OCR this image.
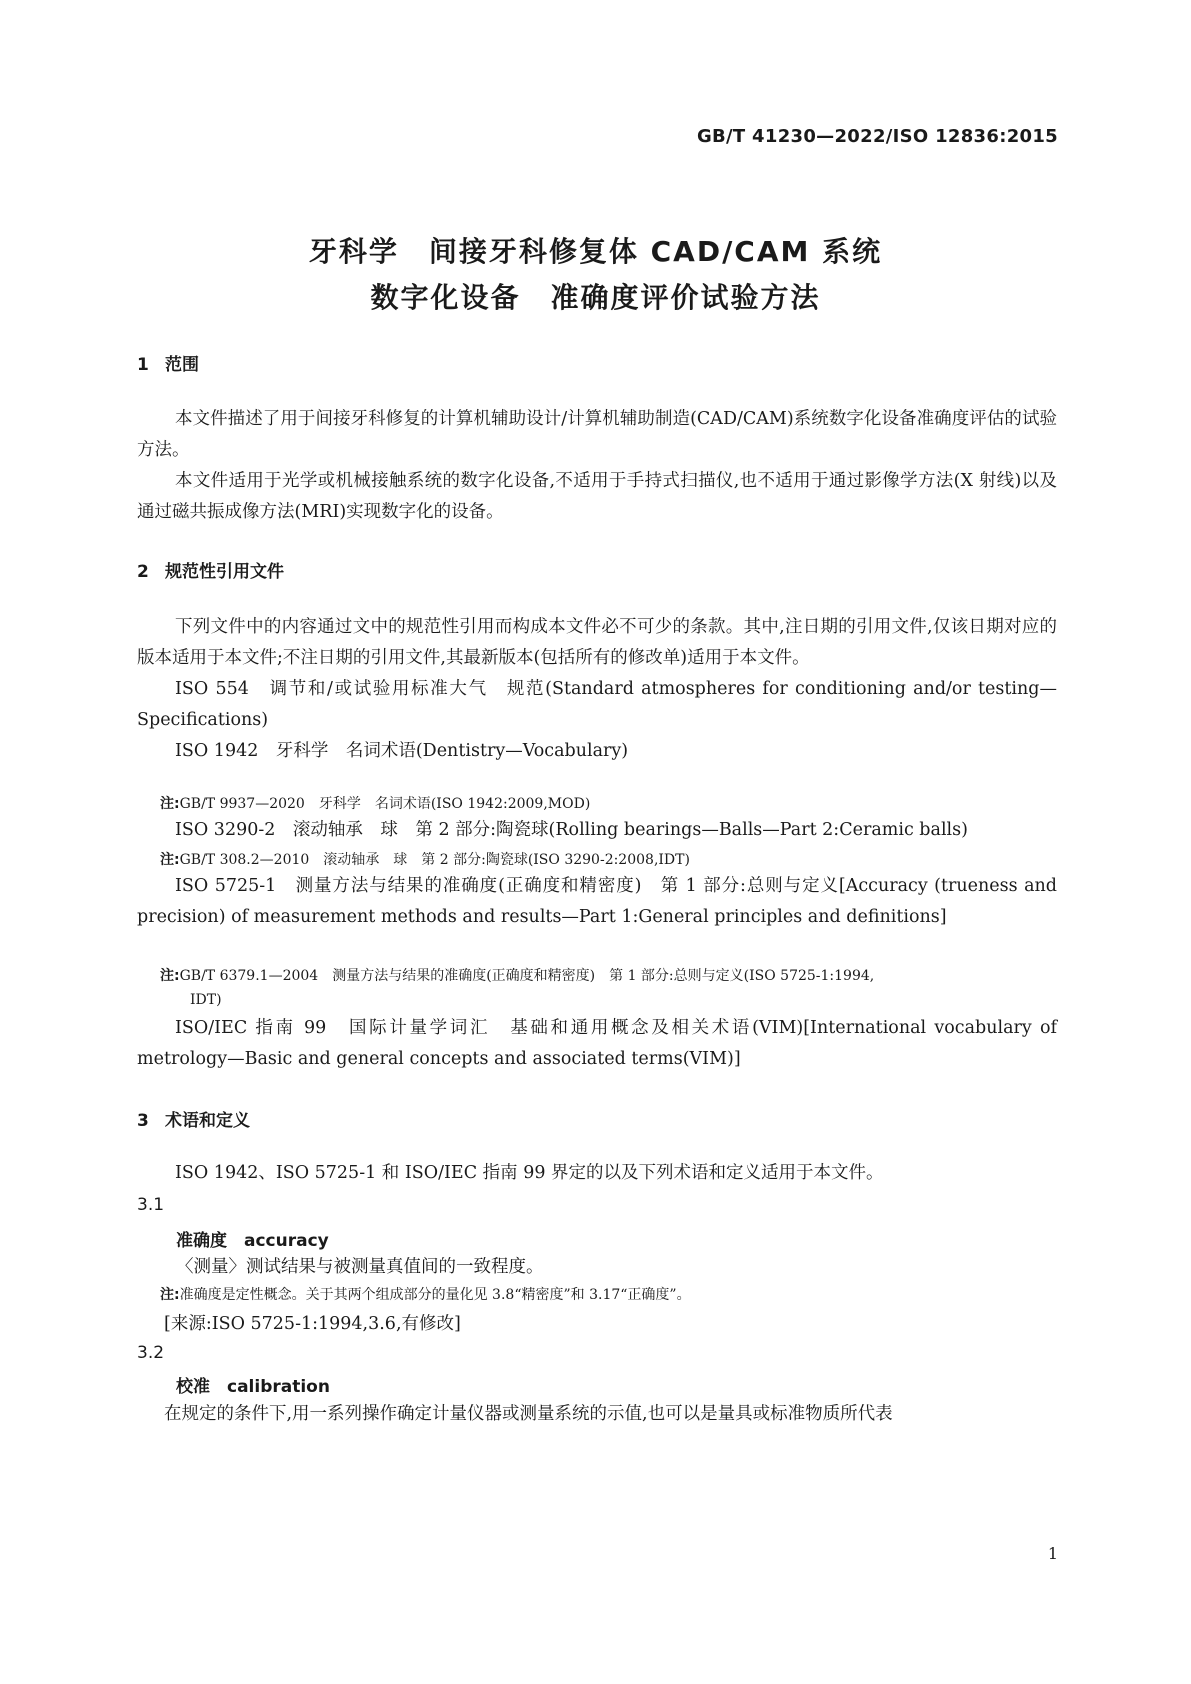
GB/T 41230—2022/ISO 12836:2015
牙科学　间接牙科修复体 CAD/CAM 系统
数字化设备　准确度评价试验方法
1 范围

本文件描述了用于间接牙科修复的计算机辅助设计/计算机辅助制造(CAD/CAM)系统数字化设备准确度评估的试验方法。

本文件适用于光学或机械接触系统的数字化设备,不适用于手持式扫描仪,也不适用于通过影像学方法(X 射线)以及通过磁共振成像方法(MRI)实现数字化的设备。

2 规范性引用文件

下列文件中的内容通过文中的规范性引用而构成本文件必不可少的条款。其中,注日期的引用文件,仅该日期对应的版本适用于本文件;不注日期的引用文件,其最新版本(包括所有的修改单)适用于本文件。

ISO 554　调节和/或试验用标准大气　规范(Standard atmospheres for conditioning and/or testing—Specifications)

ISO 1942　牙科学　名词术语(Dentistry—Vocabulary)

注:GB/T 9937—2020　牙科学　名词术语(ISO 1942:2009,MOD)

ISO 3290-2　滚动轴承　球　第 2 部分:陶瓷球(Rolling bearings—Balls—Part 2:Ceramic balls)

注:GB/T 308.2—2010　滚动轴承　球　第 2 部分:陶瓷球(ISO 3290-2:2008,IDT)

ISO 5725-1　测量方法与结果的准确度(正确度和精密度)　第 1 部分:总则与定义[Accuracy (trueness and precision) of measurement methods and results—Part 1:General principles and definitions]

注:GB/T 6379.1—2004　测量方法与结果的准确度(正确度和精密度)　第 1 部分:总则与定义(ISO 5725-1:1994,
IDT)

ISO/IEC 指南 99　国际计量学词汇　基础和通用概念及相关术语(VIM)[International vocabulary of metrology—Basic and general concepts and associated terms(VIM)]

3 术语和定义

ISO 1942、ISO 5725-1 和 ISO/IEC 指南 99 界定的以及下列术语和定义适用于本文件。

3.1
准确度　accuracy
〈测量〉测试结果与被测量真值间的一致程度。
注:准确度是定性概念。关于其两个组成部分的量化见 3.8“精密度”和 3.17“正确度”。
[来源:ISO 5725-1:1994,3.6,有修改]
3.2
校准　calibration
在规定的条件下,用一系列操作确定计量仪器或测量系统的示值,也可以是量具或标准物质所代表
1
